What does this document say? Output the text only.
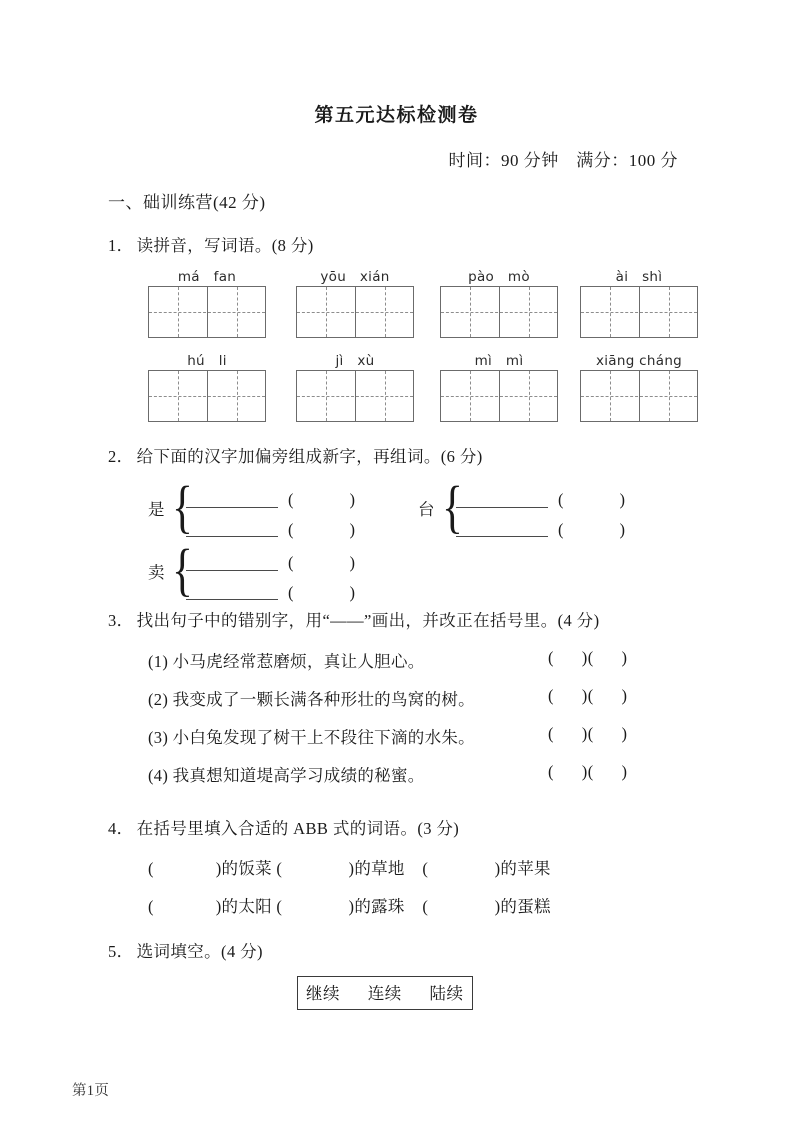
第五元达标检测卷
时间：90 分钟　满分：100 分
一、础训练营(42 分)
1． 读拼音，写词语。(8 分)
má fan	yōu xián	pào mò	ài shì
hú li	jì xù	mì mì	xiāng cháng
2． 给下面的汉字加偏旁组成新字，再组词。(6 分)
是 {	(            )
(            )
台 {	(            )
(            )
卖 {	(            )
(            )
3． 找出句子中的错别字，用“——”画出，并改正在括号里。(4 分)
(1) 小马虎经常惹磨烦，真让人胆心。	(      )(      )
(2) 我变成了一颗长满各种形壮的鸟窝的树。	(      )(      )
(3) 小白兔发现了树干上不段往下滴的水朱。	(      )(      )
(4) 我真想知道堤高学习成绩的秘蜜。	(      )(      )
4． 在括号里填入合适的 ABB 式的词语。(3 分)
(              )的饭菜 (               )的草地    (               )的苹果
(              )的太阳 (               )的露珠    (               )的蛋糕
5． 选词填空。(4 分)
继续      连续      陆续
第1页
